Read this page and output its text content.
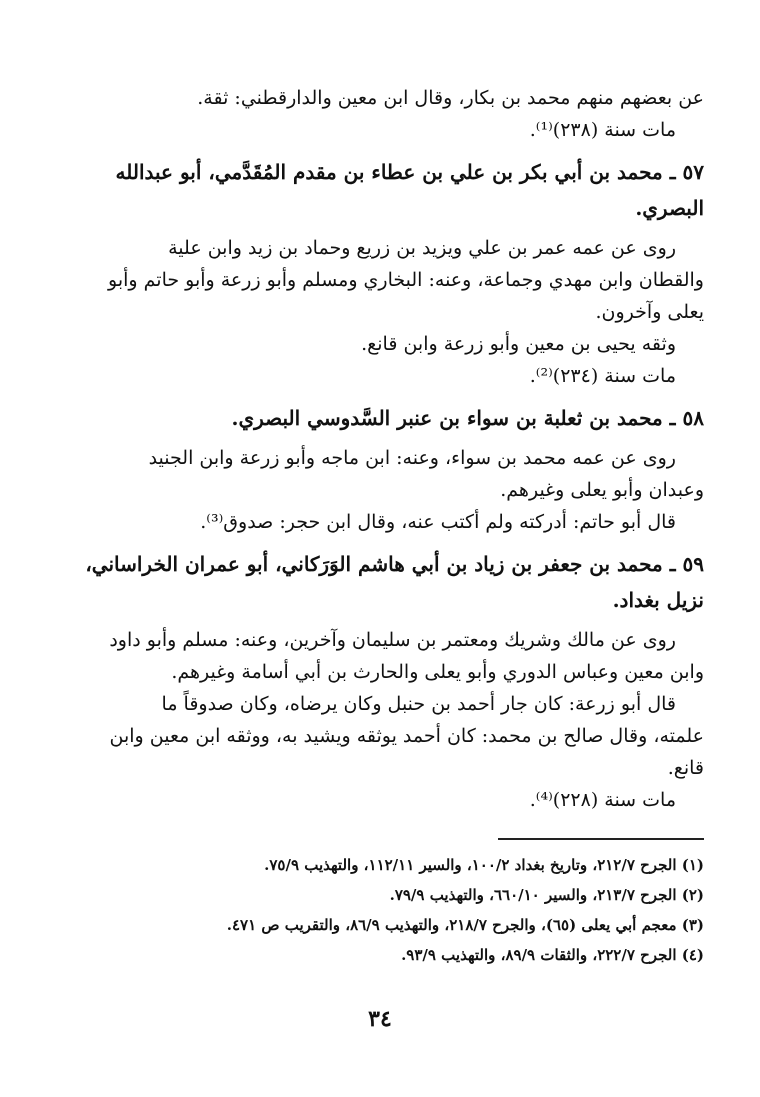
عن بعضهم منهم محمد بن بكار، وقال ابن معين والدارقطني: ثقة.
مات سنة (٢٣٨)⁽¹⁾.
٥٧ ـ محمد بن أبي بكر بن علي بن عطاء بن مقدم المُقَدَّمي، أبو عبدالله
البصري.
روى عن عمه عمر بن علي ويزيد بن زريع وحماد بن زيد وابن علية
والقطان وابن مهدي وجماعة، وعنه: البخاري ومسلم وأبو زرعة وأبو حاتم وأبو
يعلى وآخرون.
وثقه يحيى بن معين وأبو زرعة وابن قانع.
مات سنة (٢٣٤)⁽²⁾.
٥٨ ـ محمد بن ثعلبة بن سواء بن عنبر السَّدوسي البصري.
روى عن عمه محمد بن سواء، وعنه: ابن ماجه وأبو زرعة وابن الجنيد
وعبدان وأبو يعلى وغيرهم.
قال أبو حاتم: أدركته ولم أكتب عنه، وقال ابن حجر: صدوق⁽³⁾.
٥٩ ـ محمد بن جعفر بن زياد بن أبي هاشم الوَرَكاني، أبو عمران الخراساني،
نزيل بغداد.
روى عن مالك وشريك ومعتمر بن سليمان وآخرين، وعنه: مسلم وأبو داود
وابن معين وعباس الدوري وأبو يعلى والحارث بن أبي أسامة وغيرهم.
قال أبو زرعة: كان جار أحمد بن حنبل وكان يرضاه، وكان صدوقاً ما
علمته، وقال صالح بن محمد: كان أحمد يوثقه ويشيد به، ووثقه ابن معين وابن
قانع.
مات سنة (٢٢٨)⁽⁴⁾.
(١) الجرح ٢١٢/٧، وتاريخ بغداد ١٠٠/٢، والسير ١١٢/١١، والتهذيب ٧٥/٩.
(٢) الجرح ٢١٣/٧، والسير ٦٦٠/١٠، والتهذيب ٧٩/٩.
(٣) معجم أبي يعلى (٦٥)، والجرح ٢١٨/٧، والتهذيب ٨٦/٩، والتقريب ص ٤٧١.
(٤) الجرح ٢٢٢/٧، والثقات ٨٩/٩، والتهذيب ٩٣/٩.
٣٤
